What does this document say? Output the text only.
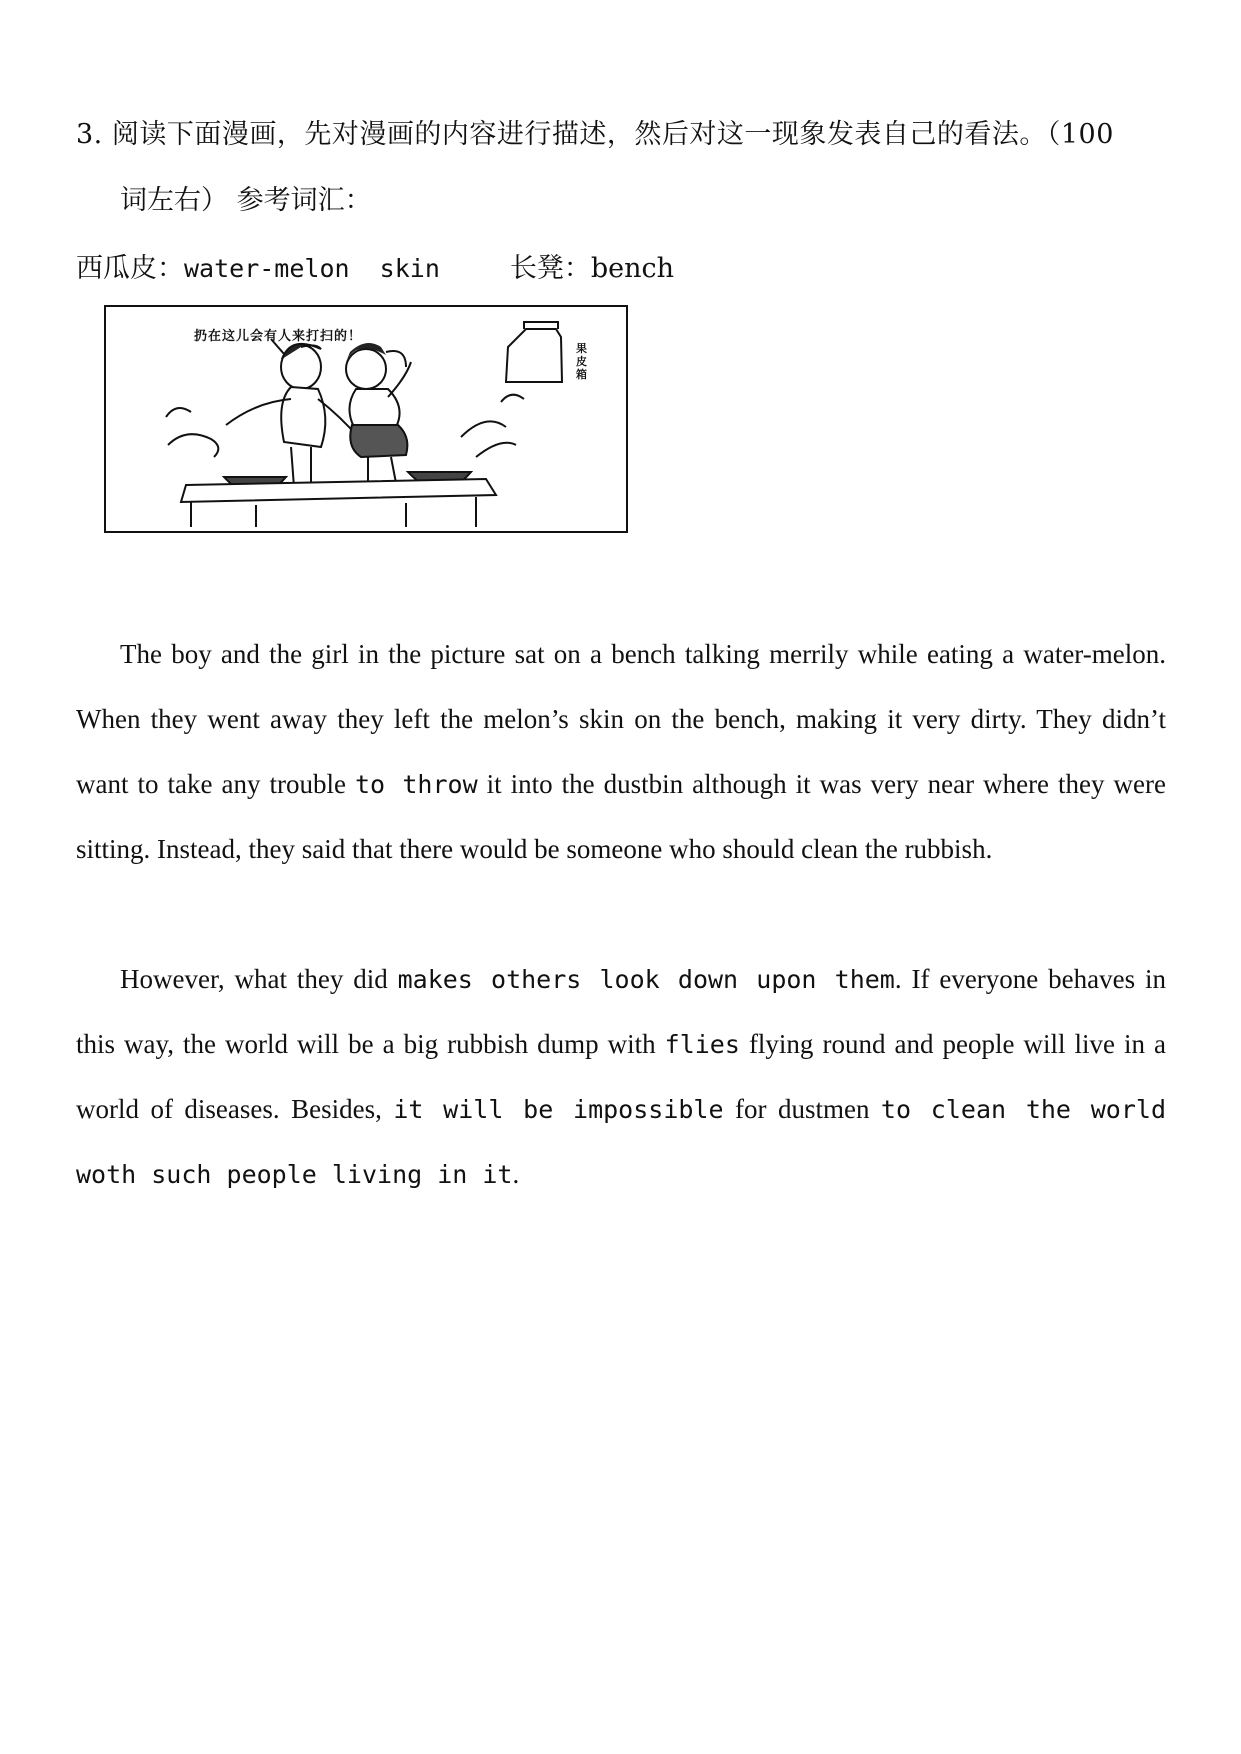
3. 阅读下面漫画，先对漫画的内容进行描述，然后对这一现象发表自己的看法。（100
词左右） 参考词汇：
西瓜皮：water-melon  skin	长凳：bench
扔在这儿会有人来打扫的！
果皮箱
The boy and the girl in the picture sat on a bench talking merrily while eating a water-melon. When they went away they left the melon’s skin on the bench, making it very dirty. They didn’t want to take any trouble to throw it into the dustbin although it was very near where they were sitting. Instead, they said that there would be someone who should clean the rubbish.
However, what they did makes others look down upon them. If everyone behaves in this way, the world will be a big rubbish dump with flies flying round and people will live in a world of diseases. Besides, it will be impossible for dustmen to clean the world woth such people living in it.
